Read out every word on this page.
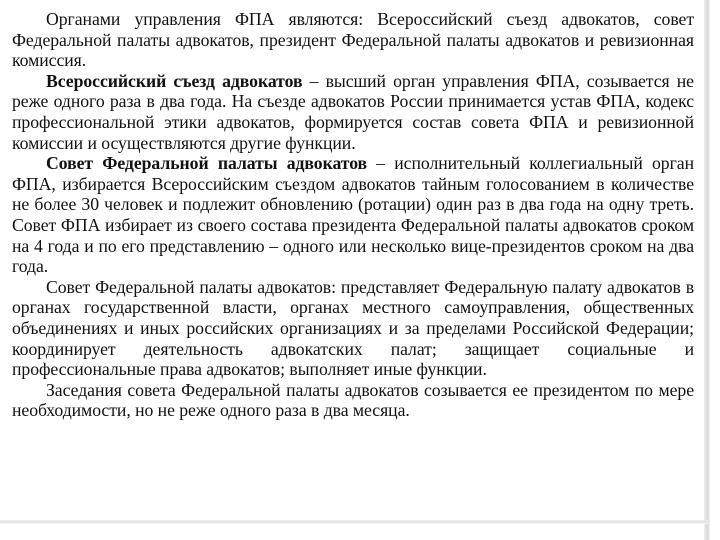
Органами управления ФПА являются: Всероссийский съезд адвокатов, совет Федеральной палаты адвокатов, президент Федеральной палаты адвокатов и ревизионная комиссия.

Всероссийский съезд адвокатов – высший орган управления ФПА, созывается не реже одного раза в два года. На съезде адвокатов России принимается устав ФПА, кодекс профессиональной этики адвокатов, формируется состав совета ФПА и ревизионной комиссии и осуществляются другие функции.

Совет Федеральной палаты адвокатов – исполнительный коллегиальный орган ФПА, избирается Всероссийским съездом адвокатов тайным голосованием в количестве не более 30 человек и подлежит обновлению (ротации) один раз в два года на одну треть. Совет ФПА избирает из своего состава президента Федеральной палаты адвокатов сроком на 4 года и по его представлению – одного или несколько вице-президентов сроком на два года.

Совет Федеральной палаты адвокатов: представляет Федеральную палату адвокатов в органах государственной власти, органах местного самоуправления, общественных объединениях и иных российских организациях и за пределами Российской Федерации; координирует деятельность адвокатских палат; защищает социальные и профессиональные права адвокатов; выполняет иные функции.

Заседания совета Федеральной палаты адвокатов созывается ее президентом по мере необходимости, но не реже одного раза в два месяца.
